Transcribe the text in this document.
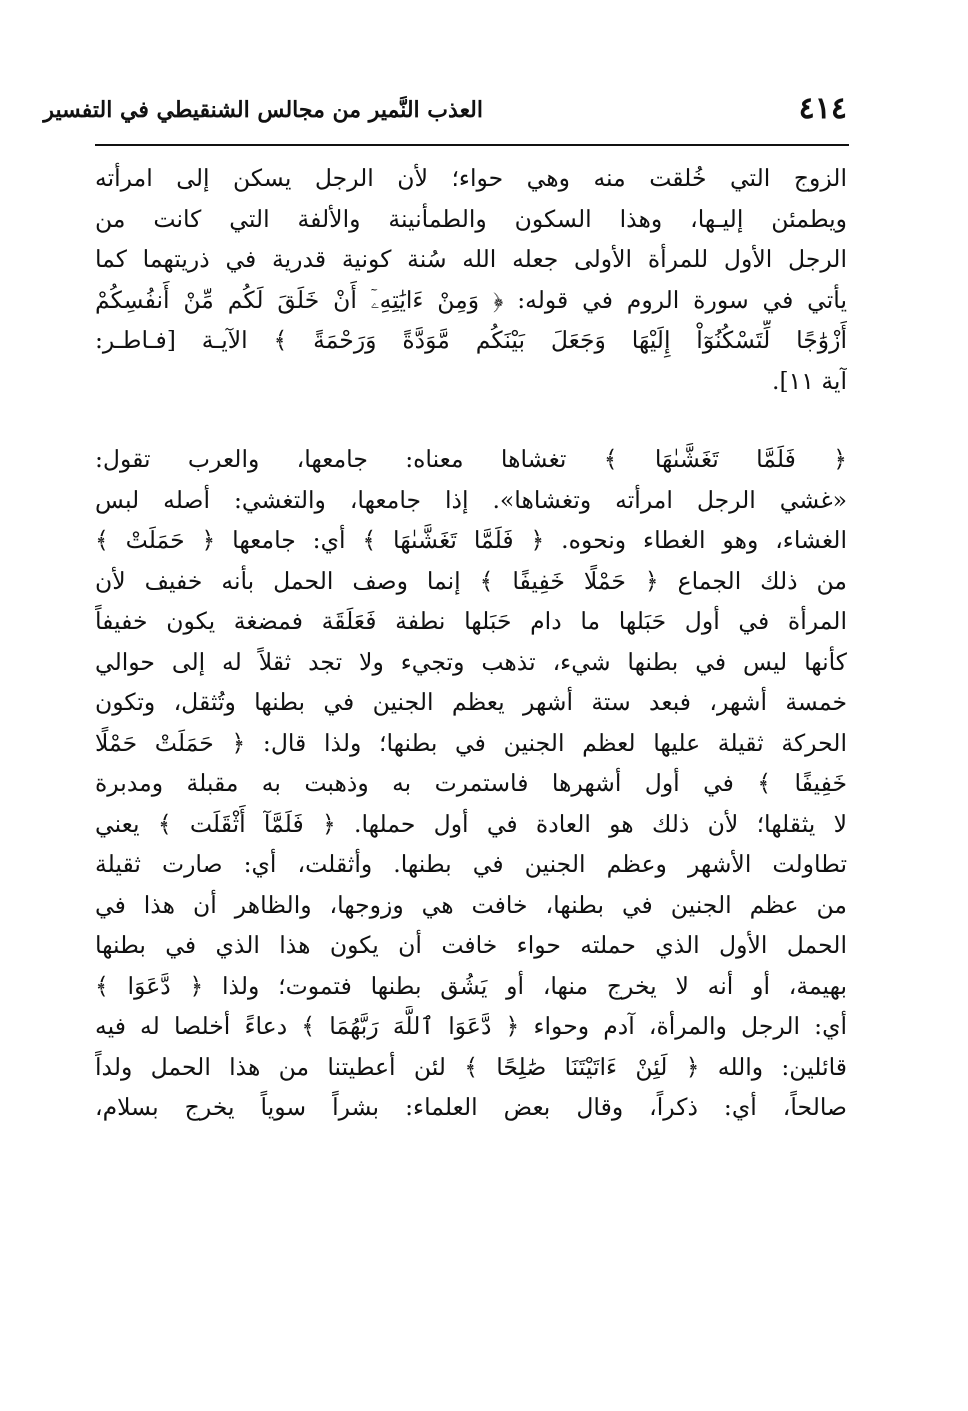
٤١٤
العذب النَّمير من مجالس الشنقيطي في التفسير
الزوج التي خُلقت منه وهي حواء؛ لأن الرجل يسكن إلى امرأته
ويطمئن إليـها، وهذا السكون والطمأنينة والألفة التي كانت من
الرجل الأول للمرأة الأولى جعله الله سُنة كونية قدرية في ذريتهما كما
يأتي في سورة الروم في قوله: ﴿ وَمِنْ ءَايَٰتِهِۦٓ أَنْ خَلَقَ لَكُم مِّنْ أَنفُسِكُمْ
أَزْوَٰجًا لِّتَسْكُنُوٓاْ إِلَيْهَا وَجَعَلَ بَيْنَكُم مَّوَدَّةً وَرَحْمَةً ﴾ الآيـة [فـاطـر:
آية ١١].
﴿ فَلَمَّا تَغَشَّىٰهَا ﴾ تغشاها معناه: جامعها، والعرب تقول:
«غشي الرجل امرأته وتغشاها». إذا جامعها، والتغشي: أصله لبس
الغشاء، وهو الغطاء ونحوه. ﴿ فَلَمَّا تَغَشَّىٰهَا ﴾ أي: جامعها ﴿ حَمَلَتْ ﴾
من ذلك الجماع ﴿ حَمْلًا خَفِيفًا ﴾ إنما وصف الحمل بأنه خفيف لأن
المرأة في أول حَبَلها ما دام حَبَلها نطفة فَعَلَقَة فمضغة يكون خفيفاً
كأنها ليس في بطنها شيء، تذهب وتجيء ولا تجد ثقلاً له إلى حوالي
خمسة أشهر، فبعد ستة أشهر يعظم الجنين في بطنها وتُثقل، وتكون
الحركة ثقيلة عليها لعظم الجنين في بطنها؛ ولذا قال: ﴿ حَمَلَتْ حَمْلًا
خَفِيفًا ﴾ في أول أشهرها فاستمرت به وذهبت به مقبلة ومدبرة
لا يثقلها؛ لأن ذلك هو العادة في أول حملها. ﴿ فَلَمَّآ أَثْقَلَت ﴾ يعني
تطاولت الأشهر وعظم الجنين في بطنها. وأثقلت، أي: صارت ثقيلة
من عظم الجنين في بطنها، خافت هي وزوجها، والظاهر أن هذا في
الحمل الأول الذي حملته حواء خافت أن يكون هذا الذي في بطنها
بهيمة، أو أنه لا يخرج منها، أو يَشُق بطنها فتموت؛ ولذا ﴿ دَّعَوَا ﴾
أي: الرجل والمرأة، آدم وحواء ﴿ دَّعَوَا ٱللَّهَ رَبَّهُمَا ﴾ دعاءً أخلصا له فيه
قائلين: والله ﴿ لَئِنْ ءَاتَيْتَنَا صَٰلِحًا ﴾ لئن أعطيتنا من هذا الحمل ولداً
صالحاً، أي: ذكراً، وقال بعض العلماء: بشراً سوياً يخرج بسلام،
